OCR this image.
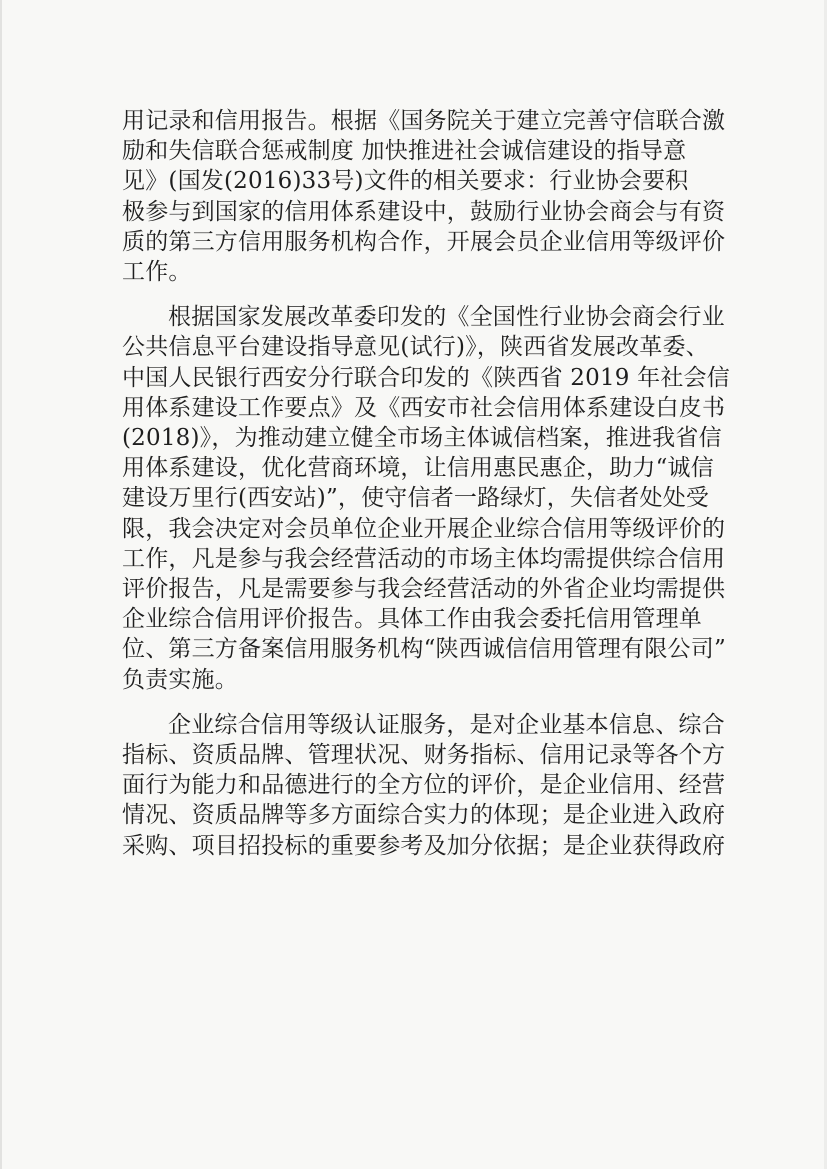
用记录和信用报告。根据《国务院关于建立完善守信联合激
励和失信联合惩戒制度 加快推进社会诚信建设的指导意
见》(国发(2016)33号)文件的相关要求：行业协会要积
极参与到国家的信用体系建设中，鼓励行业协会商会与有资
质的第三方信用服务机构合作，开展会员企业信用等级评价
工作。

根据国家发展改革委印发的《全国性行业协会商会行业
公共信息平台建设指导意见(试行)》，陕西省发展改革委、
中国人民银行西安分行联合印发的《陕西省 2019 年社会信
用体系建设工作要点》及《西安市社会信用体系建设白皮书
(2018)》，为推动建立健全市场主体诚信档案，推进我省信
用体系建设，优化营商环境，让信用惠民惠企，助力“诚信
建设万里行(西安站)”，使守信者一路绿灯，失信者处处受
限，我会决定对会员单位企业开展企业综合信用等级评价的
工作，凡是参与我会经营活动的市场主体均需提供综合信用
评价报告，凡是需要参与我会经营活动的外省企业均需提供
企业综合信用评价报告。具体工作由我会委托信用管理单
位、第三方备案信用服务机构“陕西诚信信用管理有限公司”
负责实施。

企业综合信用等级认证服务，是对企业基本信息、综合
指标、资质品牌、管理状况、财务指标、信用记录等各个方
面行为能力和品德进行的全方位的评价，是企业信用、经营
情况、资质品牌等多方面综合实力的体现；是企业进入政府
采购、项目招投标的重要参考及加分依据；是企业获得政府
